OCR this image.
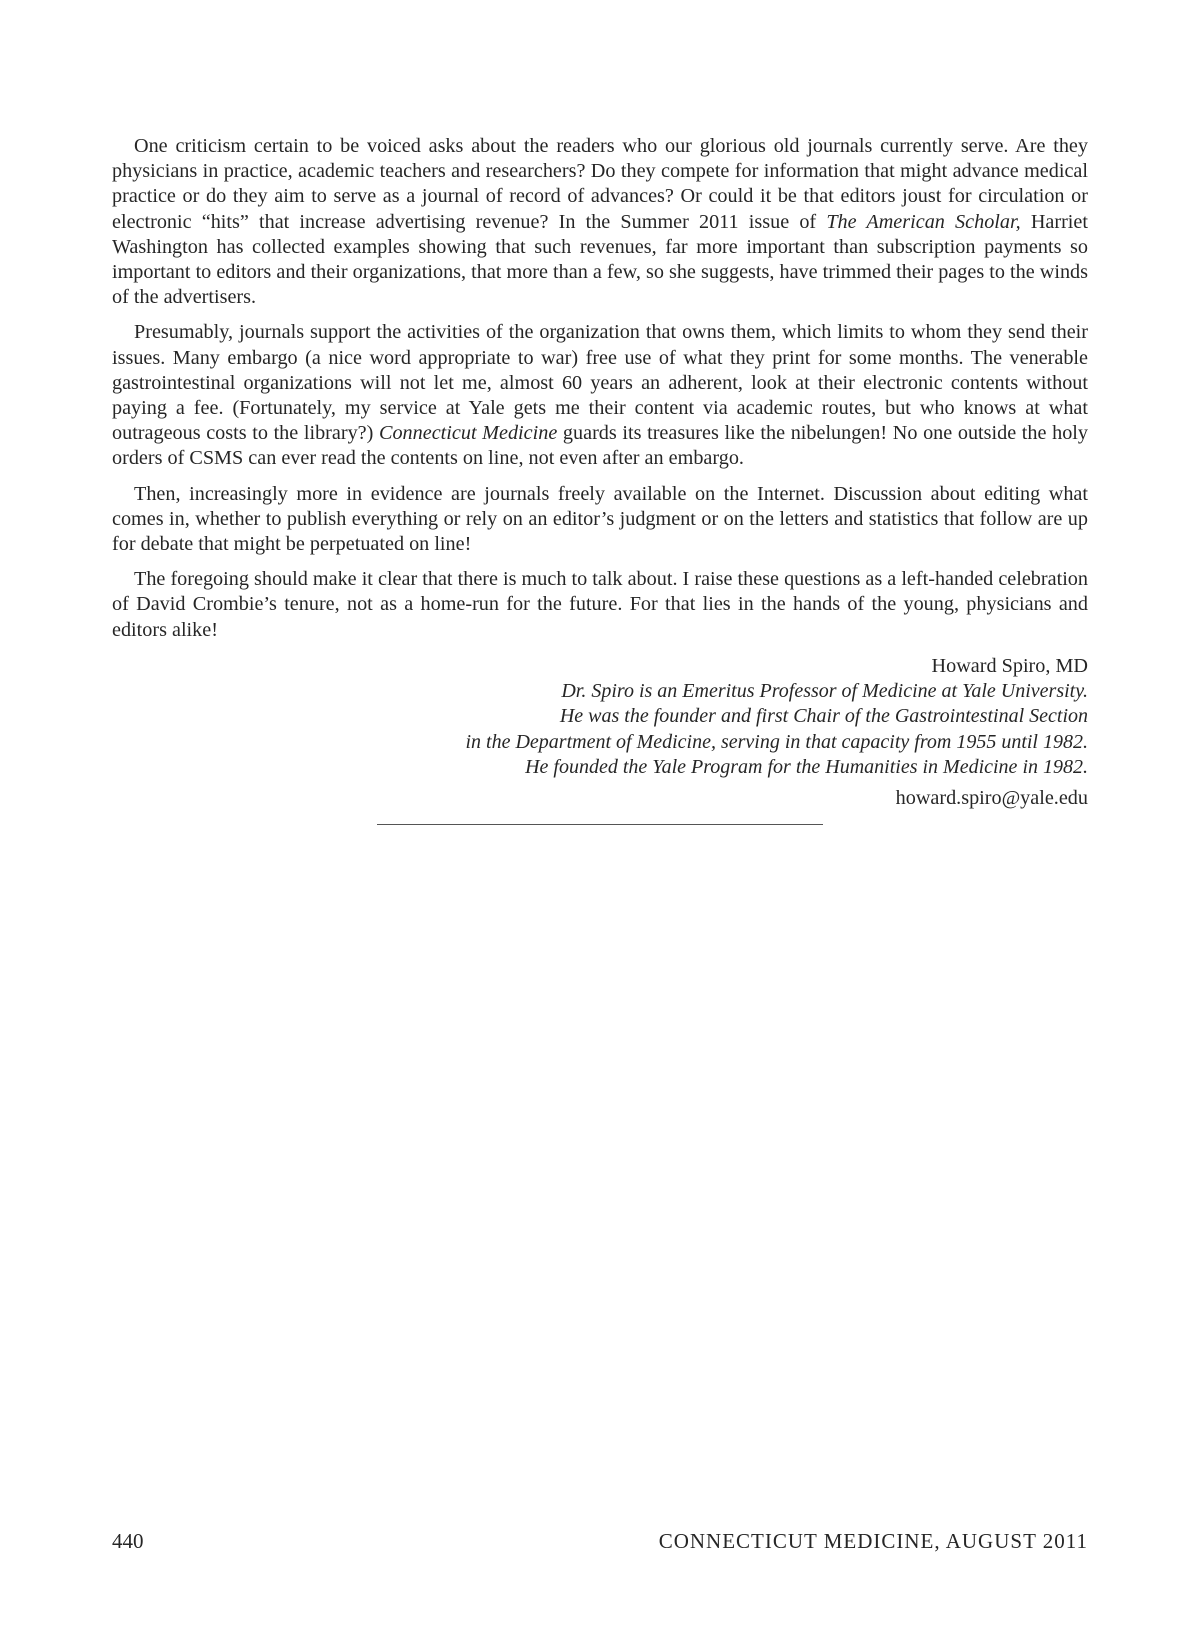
One criticism certain to be voiced asks about the readers who our glorious old journals currently serve. Are they physicians in practice, academic teachers and researchers? Do they compete for information that might advance medical practice or do they aim to serve as a journal of record of advances? Or could it be that editors joust for circulation or electronic “hits” that increase advertising revenue? In the Summer 2011 issue of The American Scholar, Harriet Washington has collected examples showing that such revenues, far more important than subscription payments so important to editors and their organizations, that more than a few, so she suggests, have trimmed their pages to the winds of the advertisers.

Presumably, journals support the activities of the organization that owns them, which limits to whom they send their issues. Many embargo (a nice word appropriate to war) free use of what they print for some months. The venerable gastrointestinal organizations will not let me, almost 60 years an adherent, look at their electronic contents without paying a fee. (Fortunately, my service at Yale gets me their content via academic routes, but who knows at what outrageous costs to the library?) Connecticut Medicine guards its treasures like the nibelungen! No one outside the holy orders of CSMS can ever read the contents on line, not even after an embargo.

Then, increasingly more in evidence are journals freely available on the Internet. Discussion about editing what comes in, whether to publish everything or rely on an editor’s judgment or on the letters and statistics that follow are up for debate that might be perpetuated on line!

The foregoing should make it clear that there is much to talk about. I raise these questions as a left-handed celebration of David Crombie’s tenure, not as a home-run for the future. For that lies in the hands of the young, physicians and editors alike!

Howard Spiro, MD
Dr. Spiro is an Emeritus Professor of Medicine at Yale University.
He was the founder and first Chair of the Gastrointestinal Section
in the Department of Medicine, serving in that capacity from 1955 until 1982.
He founded the Yale Program for the Humanities in Medicine in 1982.
howard.spiro@yale.edu
440	CONNECTICUT MEDICINE, AUGUST 2011
